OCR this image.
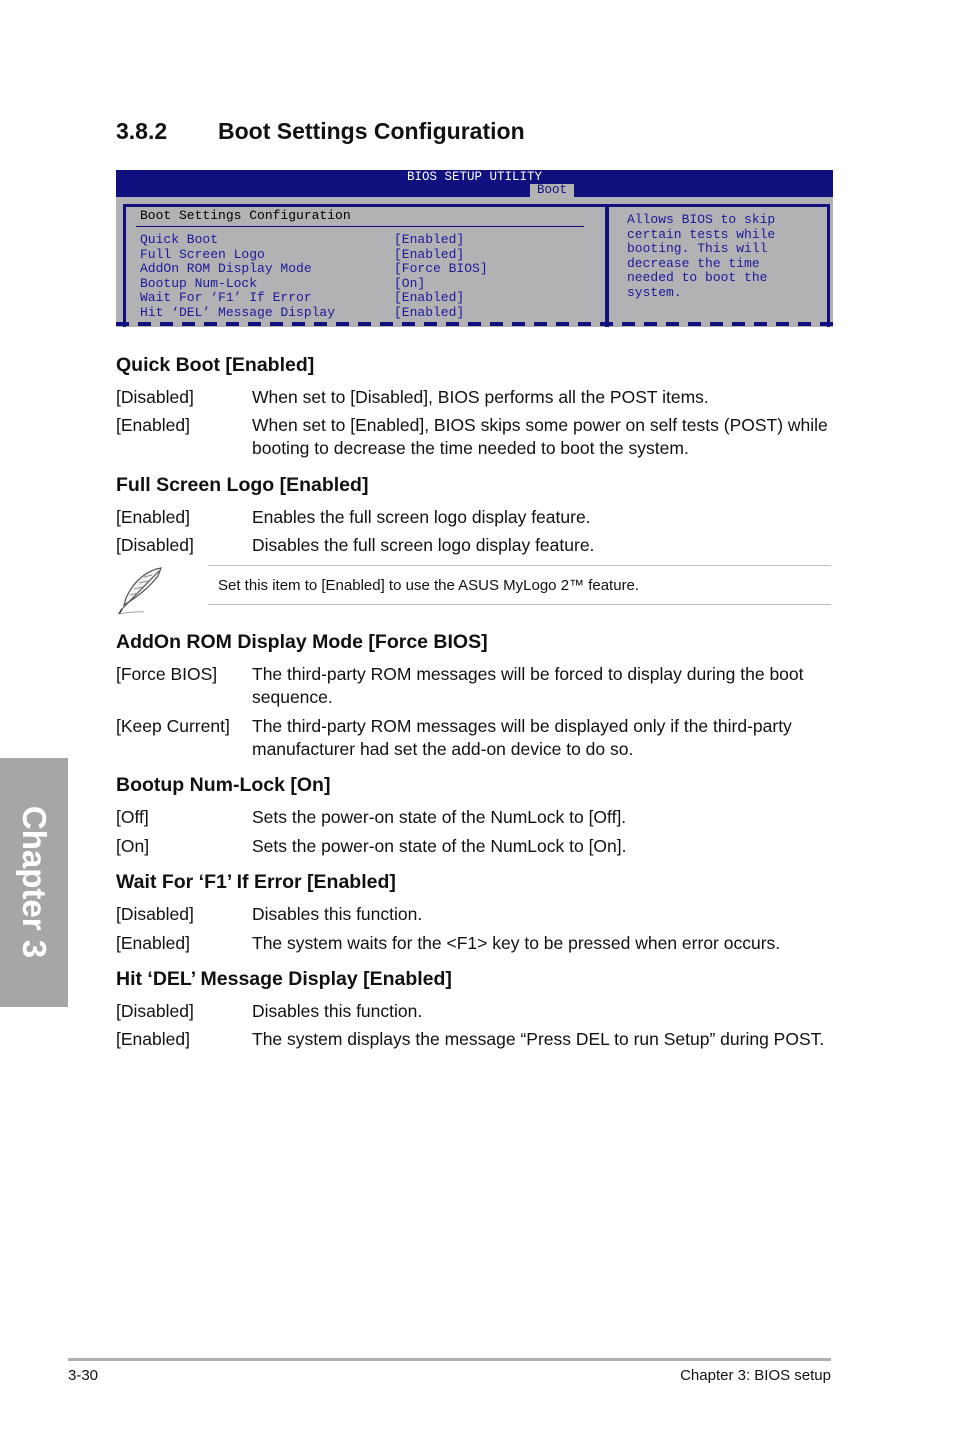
3.8.2 Boot Settings Configuration
BIOS SETUP UTILITY
Boot
Boot Settings Configuration
Quick Boot	[Enabled]
Full Screen Logo	[Enabled]
AddOn ROM Display Mode	[Force BIOS]
Bootup Num-Lock	[On]
Wait For ‘F1’ If Error	[Enabled]
Hit ‘DEL’ Message Display	[Enabled]
Allows BIOS to skip
certain tests while
booting. This will
decrease the time
needed to boot the
system.
Quick Boot [Enabled]
[Disabled]	When set to [Disabled], BIOS performs all the POST items.
[Enabled]	When set to [Enabled], BIOS skips some power on self tests (POST) while booting to decrease the time needed to boot the system.
Full Screen Logo [Enabled]
[Enabled]	Enables the full screen logo display feature.
[Disabled]	Disables the full screen logo display feature.
Set this item to [Enabled] to use the ASUS MyLogo 2™ feature.
AddOn ROM Display Mode [Force BIOS]
[Force BIOS] The third-party ROM messages will be forced to display during the boot sequence.
[Keep Current] The third-party ROM messages will be displayed only if the third-party manufacturer had set the add-on device to do so.
Bootup Num-Lock [On]
[Off]	Sets the power-on state of the NumLock to [Off].
[On]	Sets the power-on state of the NumLock to [On].
Wait For ‘F1’ If Error [Enabled]
[Disabled]	Disables this function.
[Enabled]	The system waits for the <F1> key to be pressed when error occurs.
Hit ‘DEL’ Message Display [Enabled]
[Disabled]	Disables this function.
[Enabled]	The system displays the message “Press DEL to run Setup” during POST.
Chapter 3
3-30	Chapter 3: BIOS setup
